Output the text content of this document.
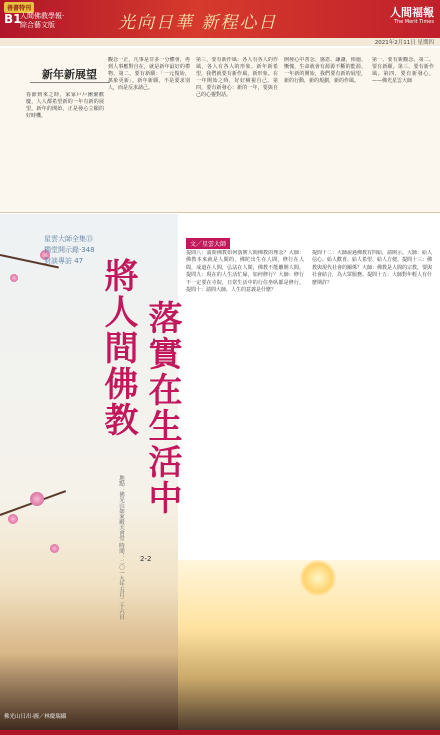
善書特刊
B1
人間佛教學報·
綜合藝文版	光向日華 新程心日
人間福報
The Merit Times
2021年2月11日 星期四
新年新展望
春節到來之時，家家戶戶團聚歡慶，人人都希望新的一年有新的展望。新年的開始，正是發心立願的好時機。
觀念一正，凡事是非多一分體會，再到人事應對自在，就是新年最好的禮物。第二，要有新願：「一元復始，萬象更新」。新年新願，不是要求別人，而是反求諸己。
第三，要有新作風：各人有各人的作風，各人有各人的形象。新年新希望，我們就要有新作風，新形象。在一年開始之時，好好檢視自己。第四，要有新發心：新的一年，要與自己的心靈對話。
開發心中善念、感恩、謙讓、佈施、慚愧，生命就會有源源不斷的能源。一年新的開始，我們要有新的展望，新的行動，新的規劃，新的作風。
第一、要有新觀念。第二、要有新願。第三、要有新作風。第四、要有新發心。——佛光星雲大師
星雲大師全集⑬
獨堂開示錄·348
對談專訪 47 將人間佛教 落實在生活中
2-2
地點：佛光山如來殿大會堂 時間：二〇一九年五月二十六日
文／星雲大師
提問八：請問佛教如何落實人間佛教的理念？大師：佛教本來就是人間的，佛陀出生在人間，修行在人間，成道在人間，弘法在人間，佛教不能離開人間。提問九：現在的人生活忙碌，如何修行？大師：修行不一定要在寺院，日常生活中的行住坐臥都是修行。提問十：請問大師，人生的意義是什麼？
提問十二：大師說過佛教有四給，請開示。大師：給人信心、給人歡喜、給人希望、給人方便。提問十三：佛教與現代社會的關係？大師：佛教是人間的宗教，要與社會結合，為大眾服務。提問十五：大師對年輕人有什麼期許？
佛光山日出·圖／林慶瑞攝
